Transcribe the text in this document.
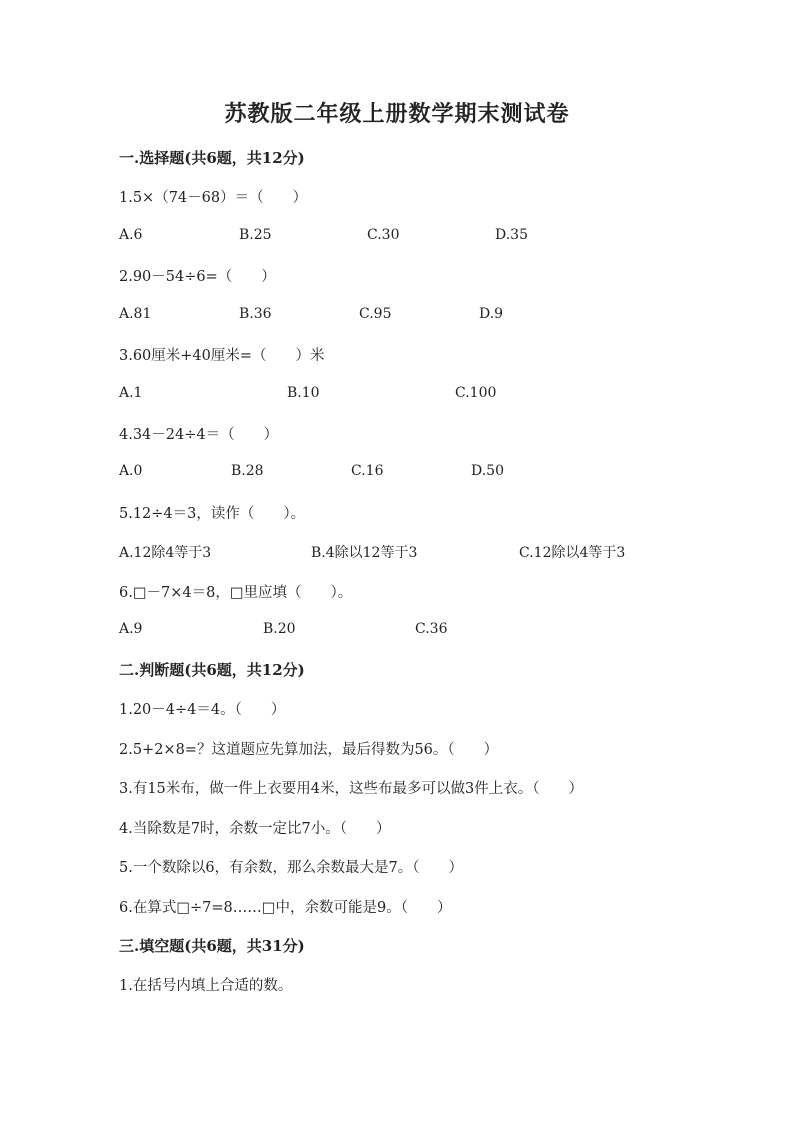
苏教版二年级上册数学期末测试卷
一.选择题(共6题，共12分)
1.5×（74－68）＝（　　）
A.6	B.25	C.30	D.35
2.90－54÷6=（　　）
A.81	B.36	C.95	D.9
3.60厘米+40厘米=（　　）米
A.1	B.10	C.100
4.34－24÷4＝（　　）
A.0	B.28	C.16	D.50
5.12÷4＝3，读作（　　）。
A.12除4等于3	B.4除以12等于3	C.12除以4等于3
6.□－7×4＝8，□里应填（　　）。
A.9	B.20	C.36
二.判断题(共6题，共12分)
1.20－4÷4＝4。（　　）
2.5+2×8=？这道题应先算加法，最后得数为56。（　　）
3.有15米布，做一件上衣要用4米，这些布最多可以做3件上衣。（　　）
4.当除数是7时，余数一定比7小。（　　）
5.一个数除以6，有余数，那么余数最大是7。（　　）
6.在算式□÷7=8……□中，余数可能是9。（　　）
三.填空题(共6题，共31分)
1.在括号内填上合适的数。
